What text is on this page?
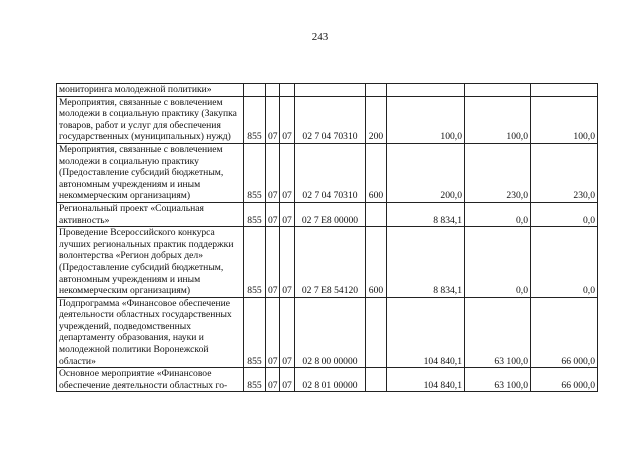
243
мониторинга молодежной политики»								
Мероприятия, связанные с вовлечением молодежи в социальную практику (Закупка товаров, работ и услуг для обеспечения государственных (муниципальных) нужд)	855	07	07	02 7 04 70310	200	100,0	100,0	100,0
Мероприятия, связанные с вовлечением молодежи в социальную практику (Предоставление субсидий бюджетным, автономным учреждениям и иным некоммерческим организациям)	855	07	07	02 7 04 70310	600	200,0	230,0	230,0
Региональный проект «Социальная активность»	855	07	07	02 7 E8 00000		8 834,1	0,0	0,0
Проведение Всероссийского конкурса лучших региональных практик поддержки волонтерства «Регион добрых дел» (Предоставление субсидий бюджетным, автономным учреждениям и иным некоммерческим организациям)	855	07	07	02 7 E8 54120	600	8 834,1	0,0	0,0
Подпрограмма «Финансовое обеспечение деятельности областных государственных учреждений, подведомственных департаменту образования, науки и молодежной политики Воронежской области»	855	07	07	02 8 00 00000		104 840,1	63 100,0	66 000,0
Основное мероприятие «Финансовое обеспечение деятельности областных го-	855	07	07	02 8 01 00000		104 840,1	63 100,0	66 000,0
